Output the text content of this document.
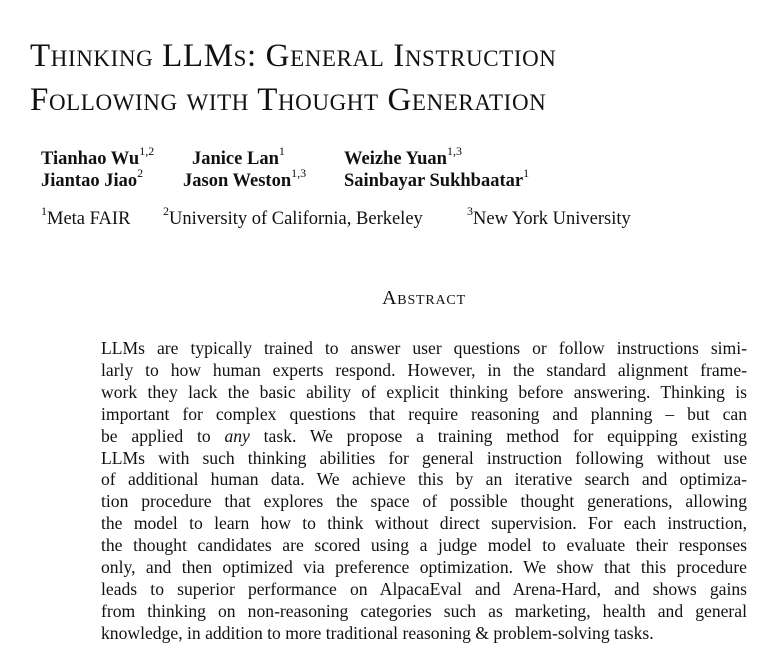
Thinking LLMs: General Instruction
Following with Thought Generation
Tianhao Wu$^{1,2}$ Janice Lan$^1$	Weizhe Yuan$^{1,3}$
Jiantao Jiao$^2$ Jason Weston$^{1,3}$ Sainbayar Sukhbaatar$^1$
$^1$Meta FAIR	$^2$University of California, Berkeley	$^3$New York University
Abstract
LLMs are typically trained to answer user questions or follow instructions simi-
larly to how human experts respond. However, in the standard alignment frame-
work they lack the basic ability of explicit thinking before answering. Thinking is
important for complex questions that require reasoning and planning – but can
be applied to any task. We propose a training method for equipping existing
LLMs with such thinking abilities for general instruction following without use
of additional human data. We achieve this by an iterative search and optimiza-
tion procedure that explores the space of possible thought generations, allowing
the model to learn how to think without direct supervision. For each instruction,
the thought candidates are scored using a judge model to evaluate their responses
only, and then optimized via preference optimization. We show that this procedure
leads to superior performance on AlpacaEval and Arena-Hard, and shows gains
from thinking on non-reasoning categories such as marketing, health and general
knowledge, in addition to more traditional reasoning & problem-solving tasks.
